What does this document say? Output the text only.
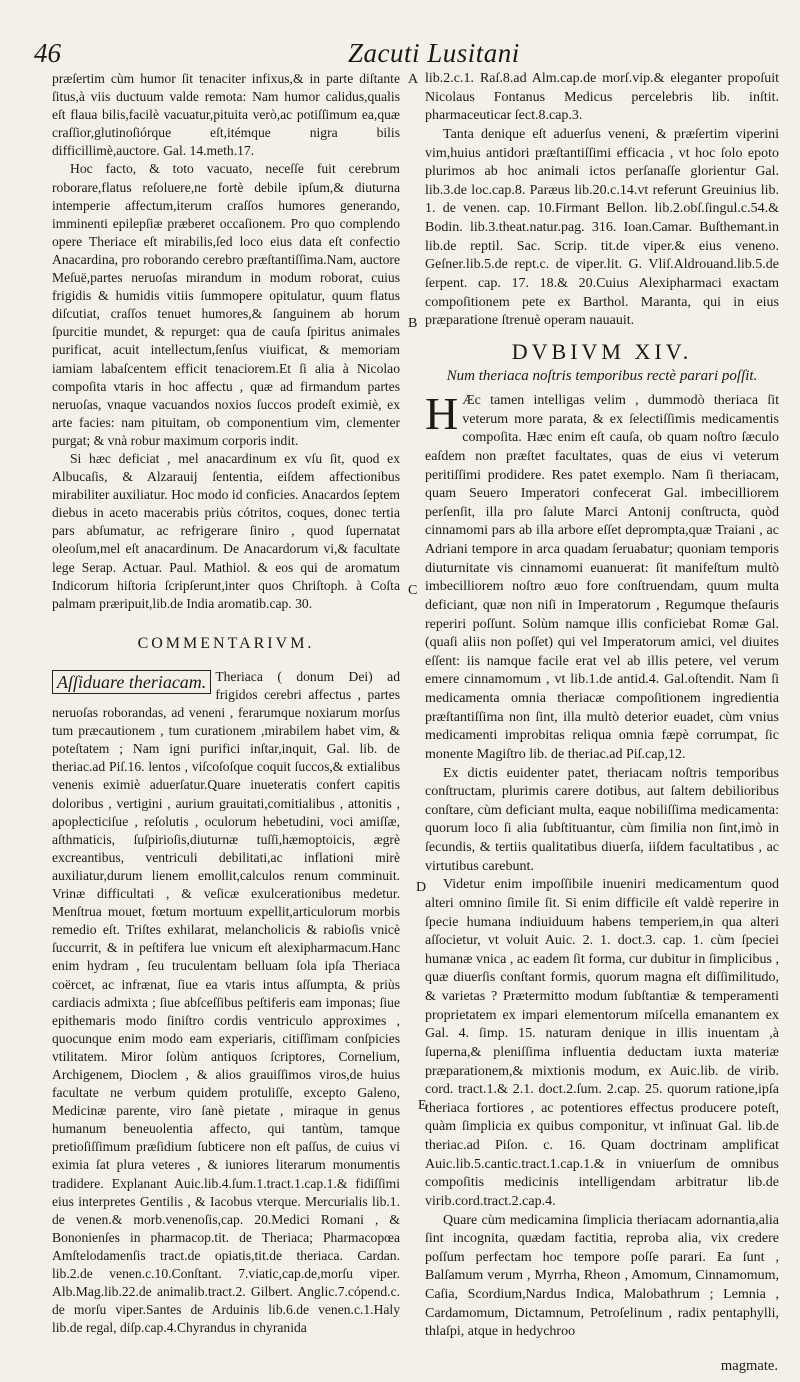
46	Zacuti Lusitani
A
B
C
D
E

præſertim cùm humor ſit tenaciter infixus,& in parte diſtante ſitus,à viis ductuum valde remota: Nam humor calidus,qualis eſt flaua bilis,facilè vacuatur,pituita verò,ac potiſſimum ea,quæ craſſior,glutinoſiórque eſt,itémque nigra bilis difficillimè,auctore. Gal. 14.meth.17.

Hoc facto, & toto vacuato, neceſſe fuit cerebrum roborare,flatus reſoluere,ne fortè debile ipſum,& diuturna intemperie affectum,iterum craſſos humores generando, imminenti epilepſiæ præberet occaſionem. Pro quo complendo opere Theriace eſt mirabilis,ſed loco eius data eſt confectio Anacardina, pro roborando cerebro præſtantiſſima.Nam, auctore Meſuë,partes neruoſas mirandum in modum roborat, cuius frigidis & humidis vitiis ſummopere opitulatur, quum flatus diſcutiat, craſſos tenuet humores,& ſanguinem ab horum ſpurcitie mundet, & repurget: qua de cauſa ſpiritus animales purificat, acuit intellectum,ſenſus viuificat, & memoriam iamiam labaſcentem efficit tenaciorem.Et ſi alia à Nicolao compoſita vtaris in hoc affectu , quæ ad firmandum partes neruoſas, vnaque vacuandos noxios ſuccos prodeſt eximiè, ex arte facies: nam pituitam, ob componentium vim, clementer purgat; & vnà robur maximum corporis indit.

Si hæc deficiat , mel anacardinum ex vſu ſit, quod ex Albucaſis, & Alzarauij ſententia, eiſdem affectionibus mirabiliter auxiliatur. Hoc modo id conficies. Anacardos ſeptem diebus in aceto macerabis priùs cótritos, coques, donec tertia pars abſumatur, ac refrigerare ſiniro , quod ſupernatat oleoſum,mel eſt anacardinum. De Anacardorum vi,& facultate lege Serap. Actuar. Paul. Mathiol. & eos qui de aromatum Indicorum hiſtoria ſcripſerunt,inter quos Chriſtoph. à Coſta palmam præripuit,lib.de India aromatib.cap. 30.

COMMENTARIVM.

Aſſiduare theriacam. Theriaca ( donum Dei) ad frigidos cerebri affectus , partes neruoſas roborandas, ad veneni , ferarumque noxiarum morſus tum præcautionem , tum curationem ,mirabilem habet vim, & poteſtatem ; Nam igni purifici inſtar,inquit, Gal. lib. de theriac.ad Piſ.16. lentos , viſcoſoſque coquit ſuccos,& extialibus venenis eximiè aduerſatur.Quare inueteratis confert capitis doloribus , vertigini , aurium grauitati,comitialibus , attonitis , apoplecticiſue , reſolutis , oculorum hebetudini, voci amiſſæ, aſthmaticis, ſuſpirioſis,diuturnæ tuſſi,hæmoptoicis, ægrè excreantibus, ventriculi debilitati,ac inflationi mirè auxiliatur,durum lienem emollit,calculos renum comminuit. Vrinæ difficultati , & veſicæ exulcerationibus medetur. Menſtrua mouet, fœtum mortuum expellit,articulorum morbis remedio eſt. Triſtes exhilarat, melancholicis & rabioſis vnicè ſuccurrit, & in peſtifera lue vnicum eſt alexipharmacum.Hanc enim hydram , ſeu truculentam belluam ſola ipſa Theriaca coërcet, ac infrænat, ſiue ea vtaris intus aſſumpta, & priùs cardiacis admixta ; ſiue abſceſſibus peſtiferis eam imponas; ſiue epithemaris modo ſiniſtro cordis ventriculo approximes , quocunque enim modo eam experiaris, citiſſimam conſpicies vtilitatem. Miror ſolùm antiquos ſcriptores, Cornelium, Archigenem, Dioclem , & alios grauiſſimos viros,de huius facultate ne verbum quidem protuliſſe, excepto Galeno, Medicinæ parente, viro ſanè pietate , miraque in genus humanum beneuolentia affecto, qui tantùm, tamque pretioſiſſimum præſidium ſubticere non eſt paſſus, de cuius vi eximia ſat plura veteres , & iuniores literarum monumentis tradidere. Explanant Auic.lib.4.ſum.1.tract.1.cap.1.& fidiſſimi eius interpretes Gentilis , & Iacobus vterque. Mercurialis lib.1. de venen.& morb.venenoſis,cap. 20.Medici Romani , & Bononienſes in pharmacop.tit. de Theriaca; Pharmacopœa Amſtelodamenſis tract.de opiatis,tit.de theriaca. Cardan. lib.2.de venen.c.10.Conſtant. 7.viatic,cap.de,morſu viper. Alb.Mag.lib.22.de animalib.tract.2. Gilbert. Anglic.7.cópend.c. de morſu viper.Santes de Arduinis lib.6.de venen.c.1.Haly lib.de regal, diſp.cap.4.Chyrandus in chyranida

lib.2.c.1. Raſ.8.ad Alm.cap.de morſ.vip.& eleganter propoſuit Nicolaus Fontanus Medicus percelebris lib. inſtit. pharmaceuticar ſect.8.cap.3.

Tanta denique eſt aduerſus veneni, & præſertim viperini vim,huius antidori præſtantiſſimi efficacia , vt hoc ſolo epoto plurimos ab hoc animali ictos perſanaſſe glorientur Gal. lib.3.de loc.cap.8. Paræus lib.20.c.14.vt referunt Greuinius lib. 1. de venen. cap. 10.Firmant Bellon. lib.2.obſ.ſingul.c.54.& Bodin. lib.3.theat.natur.pag. 316. Ioan.Camar. Buſthemant.in lib.de reptil. Sac. Scrip. tit.de viper.& eius veneno. Geſner.lib.5.de rept.c. de viper.lit. G. Vliſ.Aldrouand.lib.5.de ſerpent. cap. 17. 18.& 20.Cuius Alexipharmaci exactam compoſitionem pete ex Barthol. Maranta, qui in eius præparatione ſtrenuè operam nauauit.

DVBIVM XIV.
Num theriaca noſtris temporibus rectè parari poſſit.

H Æc tamen intelligas velim , dummodò theriaca ſit veterum more parata, & ex ſelectiſſimis medicamentis compoſita. Hæc enim eſt cauſa, ob quam noſtro ſæculo eaſdem non præſtet facultates, quas de eius vi veterum peritiſſimi prodidere. Res patet exemplo. Nam ſi theriacam, quam Seuero Imperatori confecerat Gal. imbecilliorem perſenſit, illa pro ſalute Marci Antonij conſtructa, quòd cinnamomi pars ab illa arbore eſſet deprompta,quæ Traiani , ac Adriani tempore in arca quadam ſeruabatur; quoniam temporis diuturnitate vis cinnamomi euanuerat: ſit manifeſtum multò imbecilliorem noſtro æuo fore conſtruendam, quum multa deficiant, quæ non niſi in Imperatorum , Regumque theſauris reperiri poſſunt. Solùm namque illis conficiebat Romæ Gal.(quaſi aliis non poſſet) qui vel Imperatorum amici, vel diuites eſſent: iis namque facile erat vel ab illis petere, vel verum emere cinnamomum , vt lib.1.de antid.4. Gal.oſtendit. Nam ſi medicamenta omnia theriacæ compoſitionem ingredientia præſtantiſſima non ſint, illa multò deterior euadet, cùm vnius medicamenti improbitas reliqua omnia fæpè corrumpat, ſic monente Magiſtro lib. de theriac.ad Piſ.cap,12.

Ex dictis euidenter patet, theriacam noſtris temporibus conſtructam, plurimis carere dotibus, aut ſaltem debilioribus conſtare, cùm deficiant multa, eaque nobiliſſima medicamenta: quorum loco ſi alia ſubſtituantur, cùm ſimilia non ſint,imò in ſecundis, & tertiis qualitatibus diuerſa, iiſdem facultatibus , ac virtutibus carebunt.

Videtur enim impoſſibile inueniri medicamentum quod alteri omnino ſimile ſit. Si enim difficile eſt valdè reperire in ſpecie humana indiuiduum habens temperiem,in qua alteri aſſocietur, vt voluit Auic. 2. 1. doct.3. cap. 1. cùm ſpeciei humanæ vnica , ac eadem ſit forma, cur dubitur in ſimplicibus , quæ diuerſis conſtant formis, quorum magna eſt diſſimilitudo, & varietas ? Prætermitto modum ſubſtantiæ & temperamenti proprietatem ex impari elementorum miſcella emanantem ex Gal. 4. ſimp. 15. naturam denique in illis inuentam ,à ſuperna,& pleniſſima influentia deductam iuxta materiæ præparationem,& mixtionis modum, ex Auic.lib. de virib. cord. tract.1.& 2.1. doct.2.ſum. 2.cap. 25. quorum ratione,ipſa theriaca fortiores , ac potentiores effectus producere poteſt, quàm ſimplicia ex quibus componitur, vt inſinuat Gal. lib.de theriac.ad Piſon. c. 16. Quam doctrinam amplificat Auic.lib.5.cantic.tract.1.cap.1.& in vniuerſum de omnibus compoſitis medicinis intelligendam arbitratur lib.de virib.cord.tract.2.cap.4.

Quare cùm medicamina ſimplicia theriacam adornantia,alia ſint incognita, quædam factitia, reproba alia, vix credere poſſum perfectam hoc tempore poſſe parari. Ea ſunt , Balſamum verum , Myrrha, Rheon , Amomum, Cinnamomum, Caſia, Scordium,Nardus Indica, Malobathrum ; Lemnia , Cardamomum, Dictamnum, Petroſelinum , radix pentaphylli, thlaſpi, atque in hedychroo

magmate.
